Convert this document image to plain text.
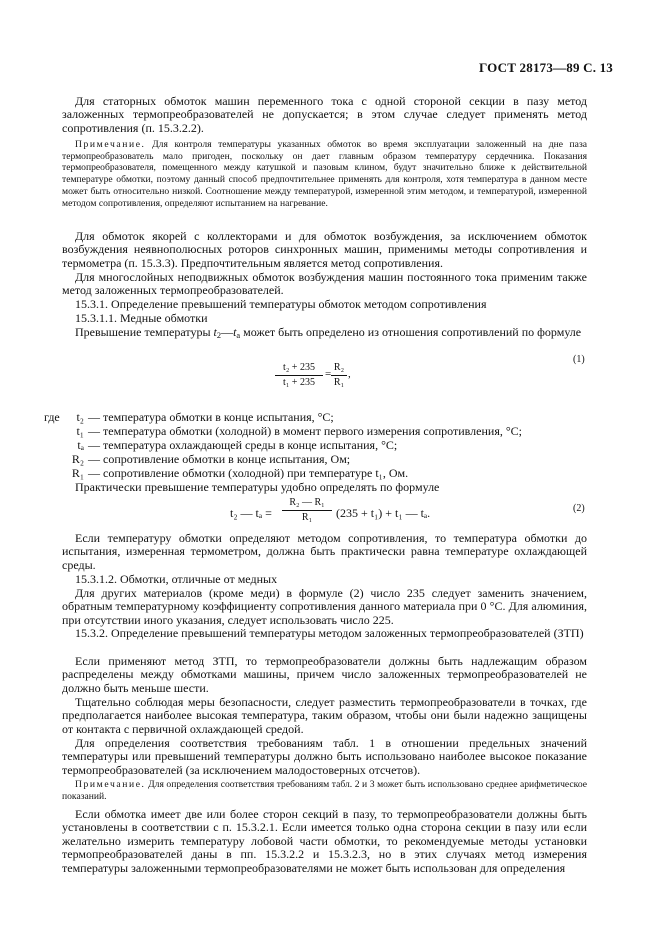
ГОСТ 28173—89 С. 13
Для статорных обмоток машин переменного тока с одной стороной секции в пазу метод заложенных термопреобразователей не допускается; в этом случае следует применять метод сопротивления (п. 15.3.2.2).
Примечание. Для контроля температуры указанных обмоток во время эксплуатации заложенный на дне паза термопреобразователь мало пригоден, поскольку он дает главным образом температуру сердечника. Показания термопреобразователя, помещенного между катушкой и пазовым клином, будут значительно ближе к действительной температуре обмотки, поэтому данный способ предпочтительнее применять для контроля, хотя температура в данном месте может быть относительно низкой. Соотношение между температурой, измеренной этим методом, и температурой, измеренной методом сопротивления, определяют испытанием на нагревание.
Для обмоток якорей с коллекторами и для обмоток возбуждения, за исключением обмоток возбуждения неявнополюсных роторов синхронных машин, применимы методы сопротивления и термометра (п. 15.3.3). Предпочтительным является метод сопротивления.
Для многослойных неподвижных обмоток возбуждения машин постоянного тока применим также метод заложенных термопреобразователей.
15.3.1. Определение превышений температуры обмоток методом сопротивления
15.3.1.1. Медные обмотки
Превышение температуры $t_2—t_a$ может быть определено из отношения сопротивлений по формуле
$\frac{\text{t₂ + 235}}{\text{t₁ + 235}} = \frac{\text{R₂}}{\text{R₁}}$ ,
(1)
где	t₂ — температура обмотки в конце испытания, °C;
t₁ — температура обмотки (холодной) в момент первого измерения сопротивления, °C;
tₐ — температура охлаждающей среды в конце испытания, °C;
R₂ — сопротивление обмотки в конце испытания, Ом;
R₁ — сопротивление обмотки (холодной) при температуре t₁, Ом.
Практически превышение температуры удобно определять по формуле
t₂ — $t_a = \frac{\text{R₂ — R₁}}{\text{R₁}} (235 + t_1) + t_1$ — tₐ.	(2)
Если температуру обмотки определяют методом сопротивления, то температура обмотки до испытания, измеренная термометром, должна быть практически равна температуре охлаждающей среды.
15.3.1.2. Обмотки, отличные от медных
Для других материалов (кроме меди) в формуле (2) число 235 следует заменить значением, обратным температурному коэффициенту сопротивления данного материала при 0 °C. Для алюминия, при отсутствии иного указания, следует использовать число 225.
15.3.2. Определение превышений температуры методом заложенных термопреобразователей (ЗТП)
Если применяют метод ЗТП, то термопреобразователи должны быть надлежащим образом распределены между обмотками машины, причем число заложенных термопреобразователей не должно быть меньше шести.
Тщательно соблюдая меры безопасности, следует разместить термопреобразователи в точках, где предполагается наиболее высокая температура, таким образом, чтобы они были надежно защищены от контакта с первичной охлаждающей средой.
Для определения соответствия требованиям табл. 1 в отношении предельных значений температуры или превышений температуры должно быть использовано наиболее высокое показание термопреобразователей (за исключением малодостоверных отсчетов).
Примечание. Для определения соответствия требованиям табл. 2 и 3 может быть использовано среднее арифметическое показаний.
Если обмотка имеет две или более сторон секций в пазу, то термопреобразователи должны быть установлены в соответствии с п. 15.3.2.1. Если имеется только одна сторона секции в пазу или если желательно измерить температуру лобовой части обмотки, то рекомендуемые методы установки термопреобразователей даны в пп. 15.3.2.2 и 15.3.2.3, но в этих случаях метод измерения температуры заложенными термопреобразователями не может быть использован для определения
